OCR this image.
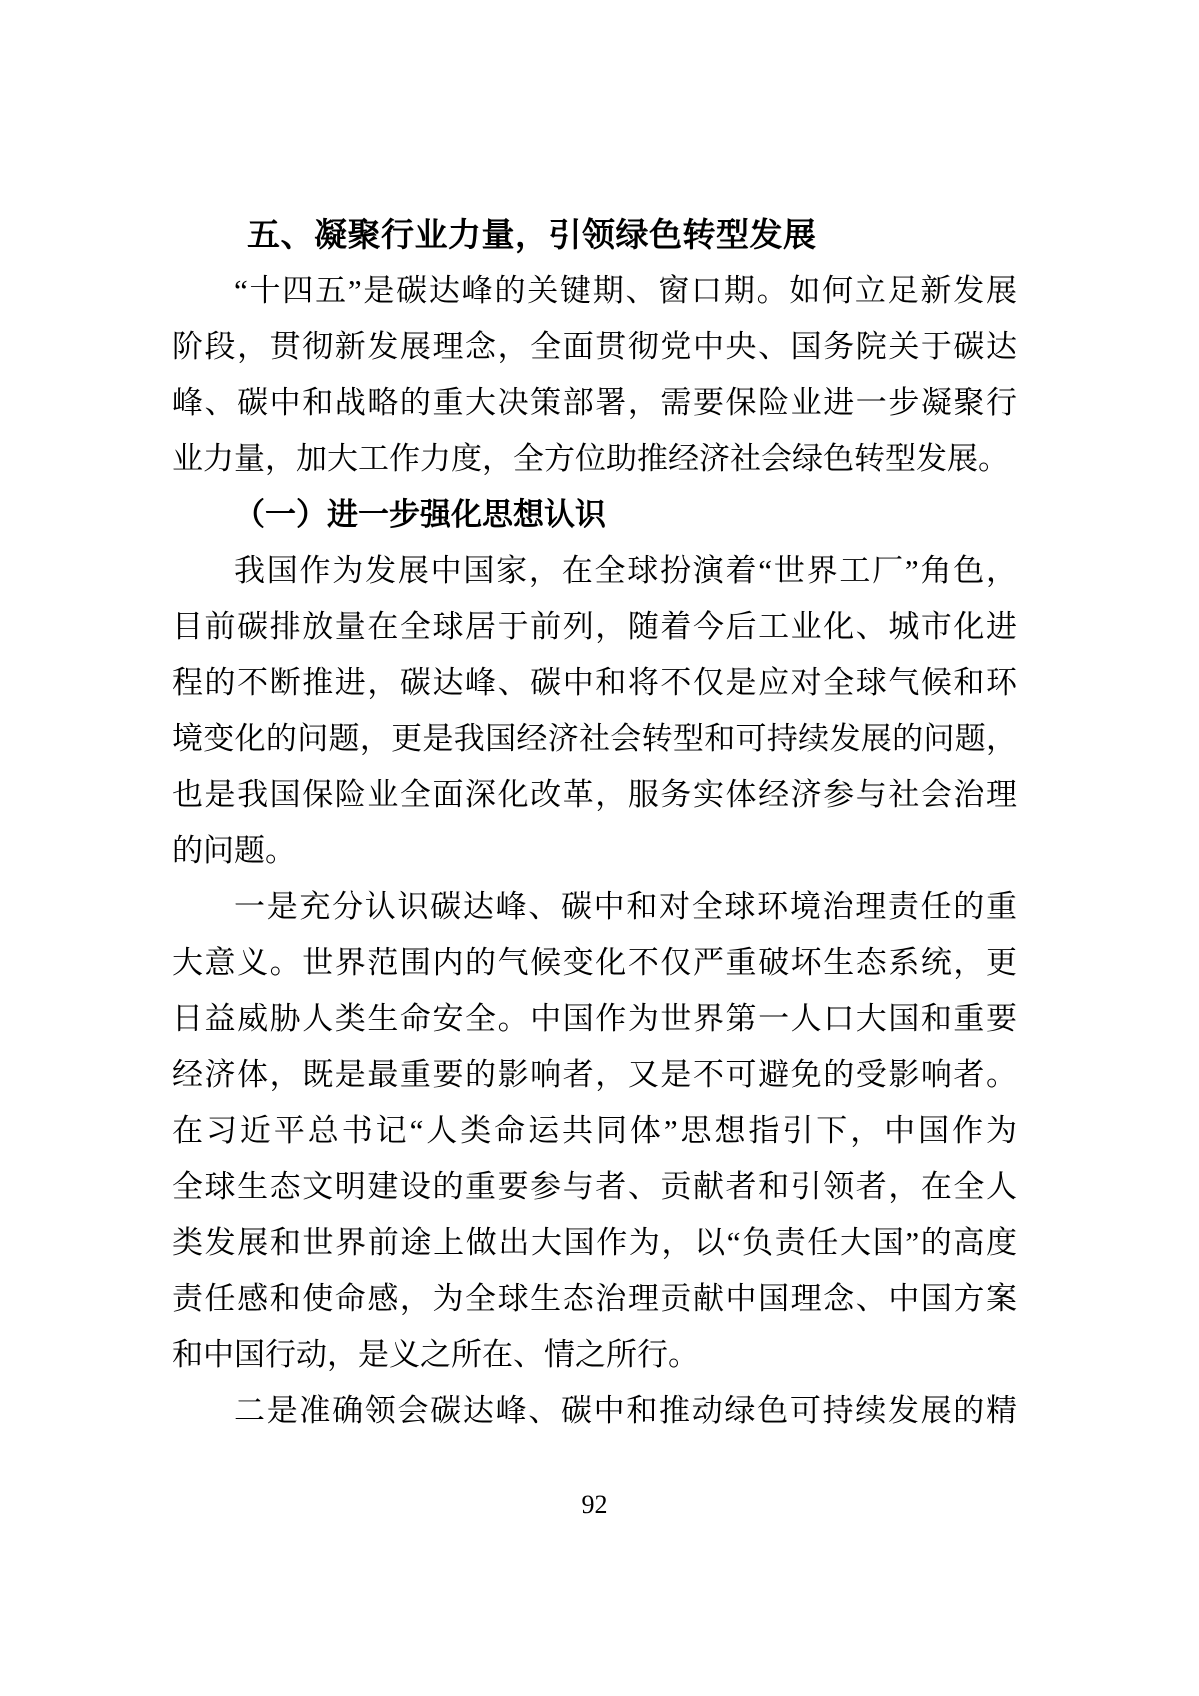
五、凝聚行业力量，引领绿色转型发展
“十四五”是碳达峰的关键期、窗口期。如何立足新发展
阶段，贯彻新发展理念，全面贯彻党中央、国务院关于碳达
峰、碳中和战略的重大决策部署，需要保险业进一步凝聚行
业力量，加大工作力度，全方位助推经济社会绿色转型发展。
（一）进一步强化思想认识
我国作为发展中国家，在全球扮演着“世界工厂”角色，
目前碳排放量在全球居于前列，随着今后工业化、城市化进
程的不断推进，碳达峰、碳中和将不仅是应对全球气候和环
境变化的问题，更是我国经济社会转型和可持续发展的问题，
也是我国保险业全面深化改革，服务实体经济参与社会治理
的问题。
一是充分认识碳达峰、碳中和对全球环境治理责任的重
大意义。世界范围内的气候变化不仅严重破坏生态系统，更
日益威胁人类生命安全。中国作为世界第一人口大国和重要
经济体，既是最重要的影响者，又是不可避免的受影响者。
在习近平总书记“人类命运共同体”思想指引下，中国作为
全球生态文明建设的重要参与者、贡献者和引领者，在全人
类发展和世界前途上做出大国作为，以“负责任大国”的高度
责任感和使命感，为全球生态治理贡献中国理念、中国方案
和中国行动，是义之所在、情之所行。
二是准确领会碳达峰、碳中和推动绿色可持续发展的精
92
